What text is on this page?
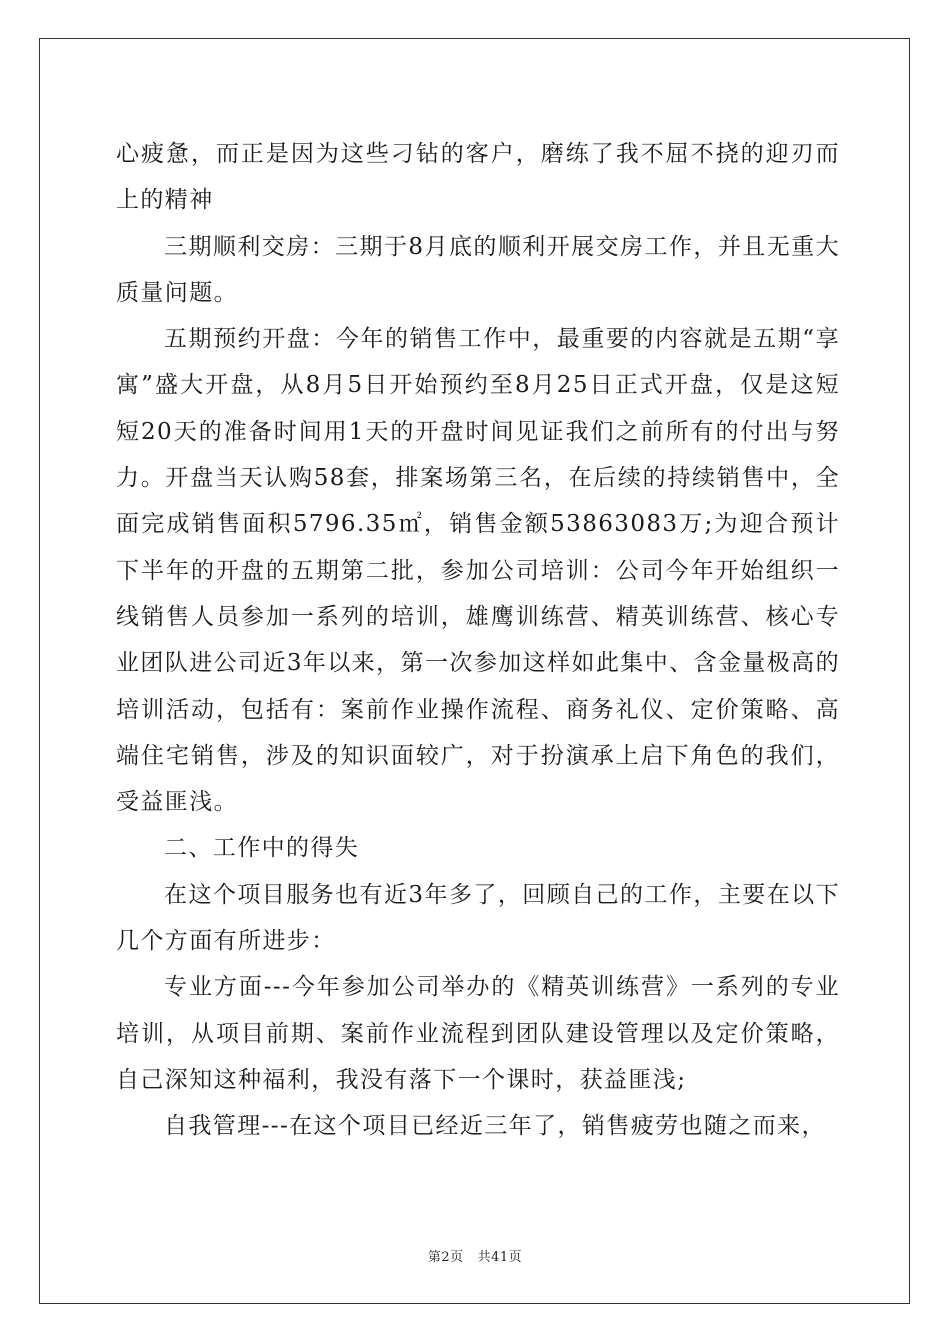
心疲惫，而正是因为这些刁钻的客户，磨练了我不屈不挠的迎刃而上的精神

三期顺利交房：三期于8月底的顺利开展交房工作，并且无重大质量问题。

五期预约开盘：今年的销售工作中，最重要的内容就是五期“享寓”盛大开盘，从8月5日开始预约至8月25日正式开盘，仅是这短短20天的准备时间用1天的开盘时间见证我们之前所有的付出与努力。开盘当天认购58套，排案场第三名，在后续的持续销售中，全面完成销售面积5796.35㎡，销售金额53863083万;为迎合预计下半年的开盘的五期第二批，参加公司培训：公司今年开始组织一线销售人员参加一系列的培训，雄鹰训练营、精英训练营、核心专业团队进公司近3年以来，第一次参加这样如此集中、含金量极高的培训活动，包括有：案前作业操作流程、商务礼仪、定价策略、高端住宅销售，涉及的知识面较广，对于扮演承上启下角色的我们，受益匪浅。

二、工作中的得失

在这个项目服务也有近3年多了，回顾自己的工作，主要在以下几个方面有所进步：

专业方面---今年参加公司举办的《精英训练营》一系列的专业培训，从项目前期、案前作业流程到团队建设管理以及定价策略，自己深知这种福利，我没有落下一个课时，获益匪浅;

自我管理---在这个项目已经近三年了，销售疲劳也随之而来，

第2页 共41页
